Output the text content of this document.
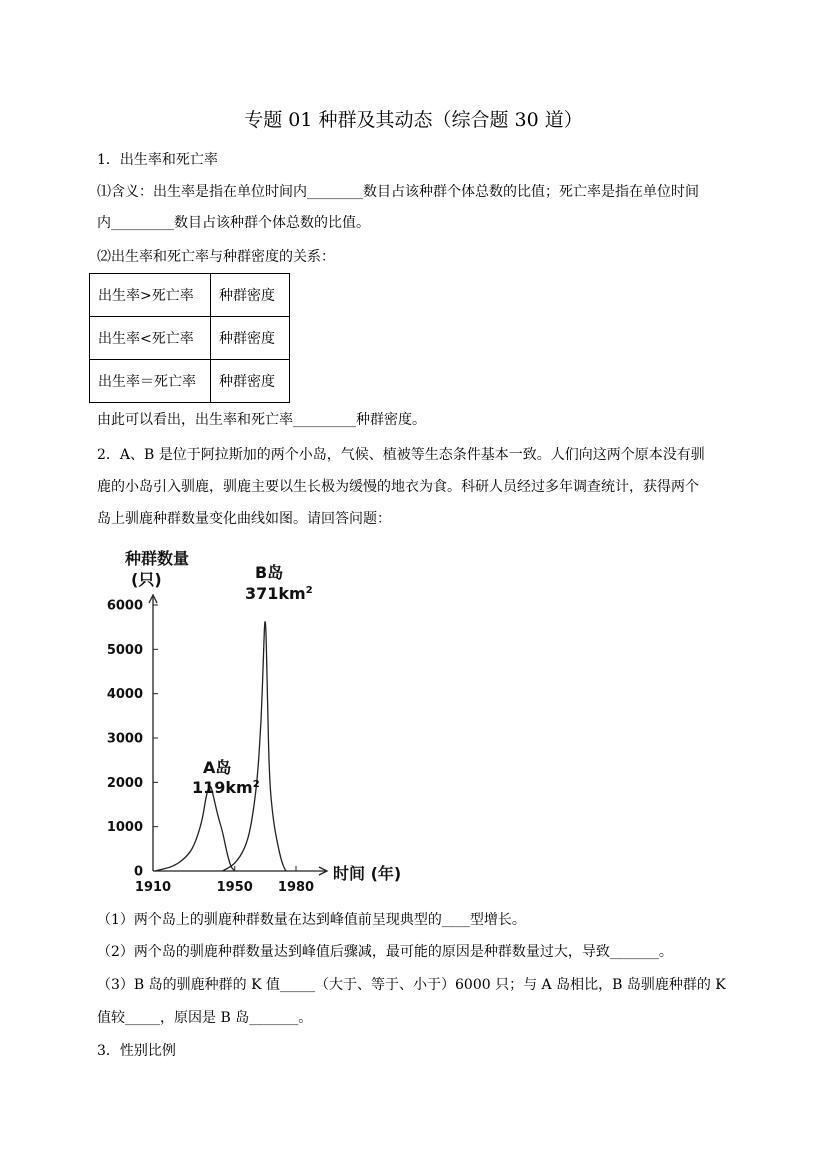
专题 01 种群及其动态（综合题 30 道）
1．出生率和死亡率
⑴含义：出生率是指在单位时间内________数目占该种群个体总数的比值；死亡率是指在单位时间
内_________数目占该种群个体总数的比值。
⑵出生率和死亡率与种群密度的关系：
出生率>死亡率	种群密度
出生率<死亡率	种群密度
出生率＝死亡率	种群密度
由此可以看出，出生率和死亡率_________种群密度。
2．A、B 是位于阿拉斯加的两个小岛，气候、植被等生态条件基本一致。人们向这两个原本没有驯
鹿的小岛引入驯鹿，驯鹿主要以生长极为缓慢的地衣为食。科研人员经过多年调查统计，获得两个
岛上驯鹿种群数量变化曲线如图。请回答问题：
种群数量
(只)
0
1000
2000
3000
4000
5000
6000
1910	1950 1980
时间 (年)
A岛
$119km^2$
B岛
$371km^2$
（1）两个岛上的驯鹿种群数量在达到峰值前呈现典型的____型增长。
（2）两个岛的驯鹿种群数量达到峰值后骤减，最可能的原因是种群数量过大，导致_______。
（3）B 岛的驯鹿种群的 K 值_____（大于、等于、小于）6000 只；与 A 岛相比，B 岛驯鹿种群的 K
值较_____，原因是 B 岛_______。
3．性别比例
